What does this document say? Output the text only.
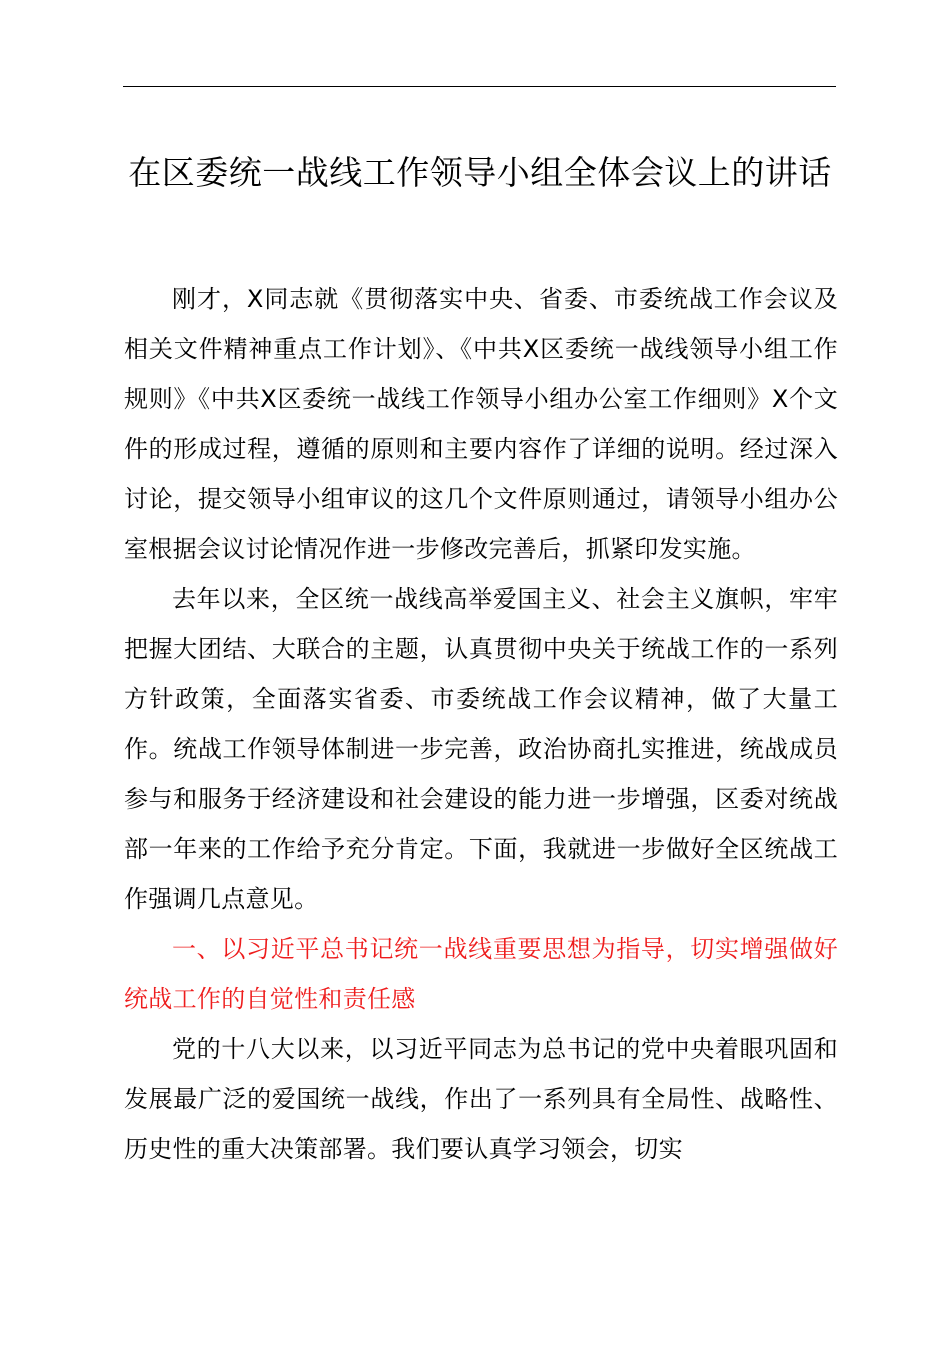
在区委统一战线工作领导小组全体会议上的讲话

刚才，X同志就《贯彻落实中央、省委、市委统战工作会议及相关文件精神重点工作计划》、《中共X区委统一战线领导小组工作规则》《中共X区委统一战线工作领导小组办公室工作细则》X个文件的形成过程，遵循的原则和主要内容作了详细的说明。经过深入讨论，提交领导小组审议的这几个文件原则通过，请领导小组办公室根据会议讨论情况作进一步修改完善后，抓紧印发实施。

去年以来，全区统一战线高举爱国主义、社会主义旗帜，牢牢把握大团结、大联合的主题，认真贯彻中央关于统战工作的一系列方针政策，全面落实省委、市委统战工作会议精神，做了大量工作。统战工作领导体制进一步完善，政治协商扎实推进，统战成员参与和服务于经济建设和社会建设的能力进一步增强，区委对统战部一年来的工作给予充分肯定。下面，我就进一步做好全区统战工作强调几点意见。

一、以习近平总书记统一战线重要思想为指导，切实增强做好统战工作的自觉性和责任感

党的十八大以来，以习近平同志为总书记的党中央着眼巩固和发展最广泛的爱国统一战线，作出了一系列具有全局性、战略性、历史性的重大决策部署。我们要认真学习领会，切实
